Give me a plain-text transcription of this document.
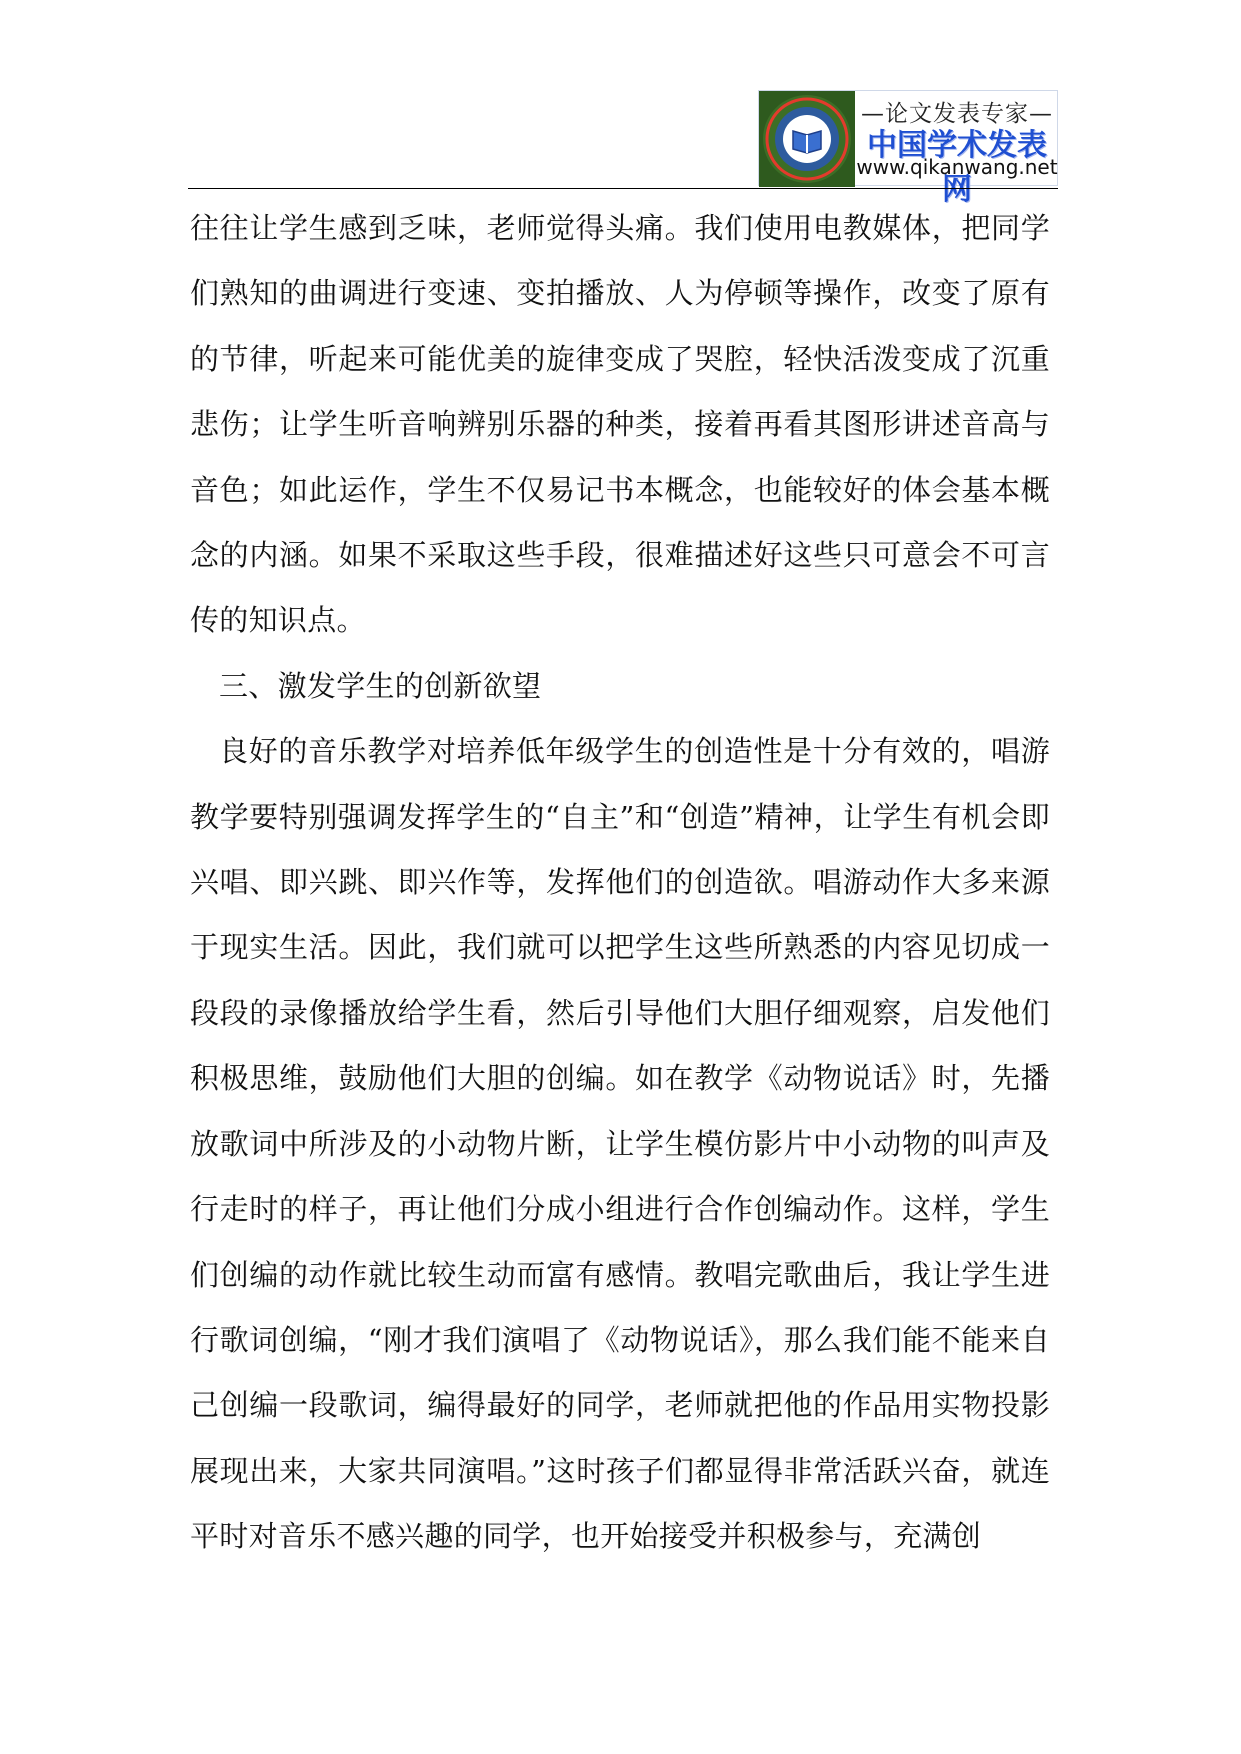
—论文发表专家—
中国学术发表网
www.qikanwang.net

往往让学生感到乏味，老师觉得头痛。我们使用电教媒体，把同学们熟知的曲调进行变速、变拍播放、人为停顿等操作，改变了原有的节律，听起来可能优美的旋律变成了哭腔，轻快活泼变成了沉重悲伤；让学生听音响辨别乐器的种类，接着再看其图形讲述音高与音色；如此运作，学生不仅易记书本概念，也能较好的体会基本概念的内涵。如果不采取这些手段，很难描述好这些只可意会不可言传的知识点。

三、激发学生的创新欲望

良好的音乐教学对培养低年级学生的创造性是十分有效的，唱游教学要特别强调发挥学生的“自主”和“创造”精神，让学生有机会即兴唱、即兴跳、即兴作等，发挥他们的创造欲。唱游动作大多来源于现实生活。因此，我们就可以把学生这些所熟悉的内容见切成一段段的录像播放给学生看，然后引导他们大胆仔细观察，启发他们积极思维，鼓励他们大胆的创编。如在教学《动物说话》时，先播放歌词中所涉及的小动物片断，让学生模仿影片中小动物的叫声及行走时的样子，再让他们分成小组进行合作创编动作。这样，学生们创编的动作就比较生动而富有感情。教唱完歌曲后，我让学生进行歌词创编，“刚才我们演唱了《动物说话》，那么我们能不能来自己创编一段歌词，编得最好的同学，老师就把他的作品用实物投影展现出来，大家共同演唱。”这时孩子们都显得非常活跃兴奋，就连平时对音乐不感兴趣的同学，也开始接受并积极参与，充满创
